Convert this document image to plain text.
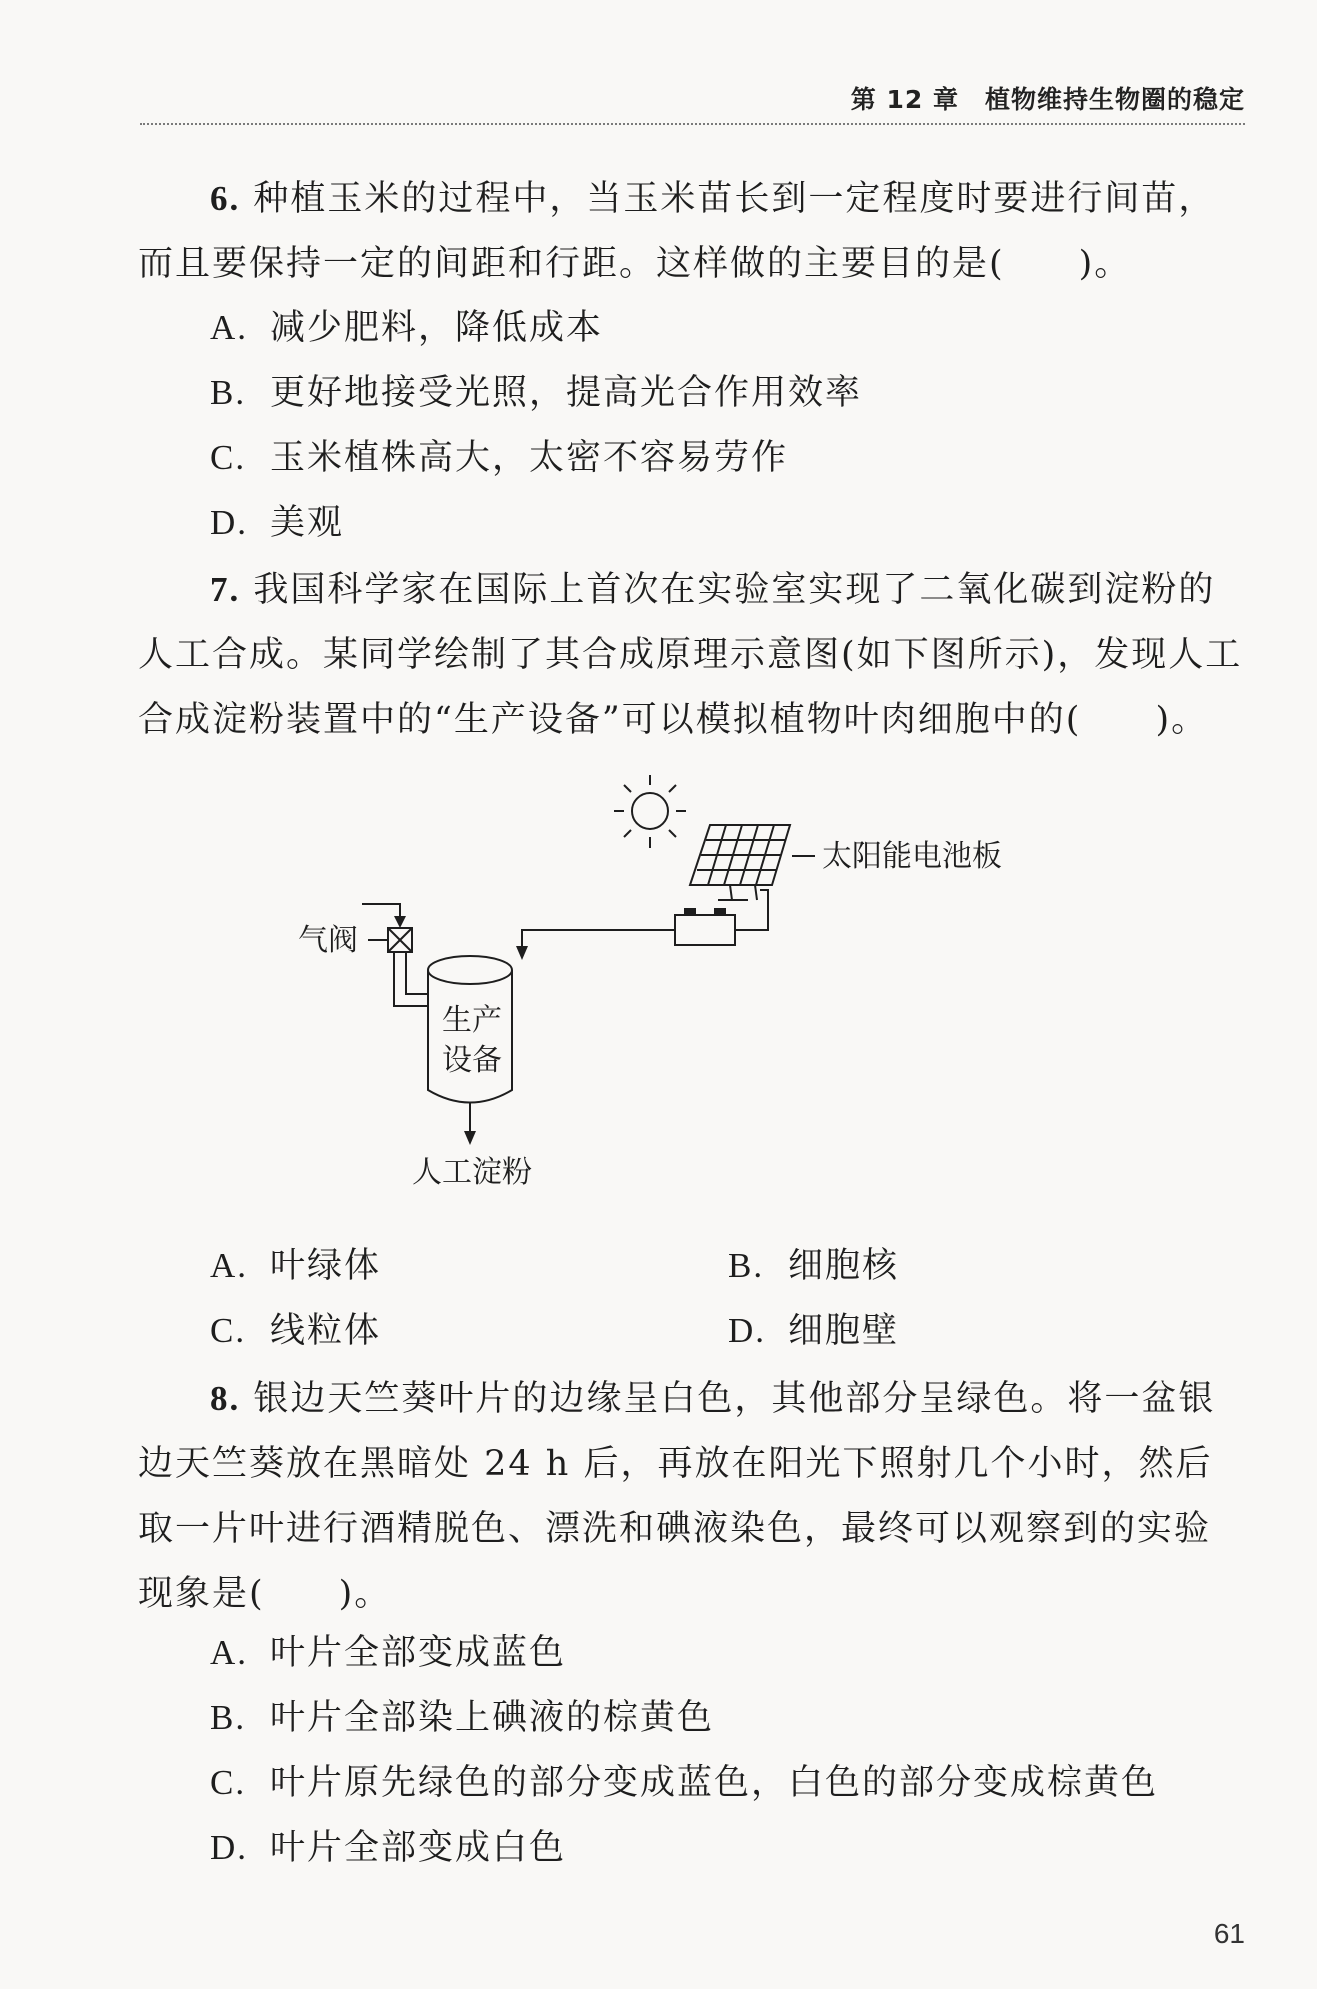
第 12 章　植物维持生物圈的稳定
6. 种植玉米的过程中，当玉米苗长到一定程度时要进行间苗，而且要保持一定的间距和行距。这样做的主要目的是(　　)。
A. 减少肥料，降低成本
B. 更好地接受光照，提高光合作用效率
C. 玉米植株高大，太密不容易劳作
D. 美观
7. 我国科学家在国际上首次在实验室实现了二氧化碳到淀粉的人工合成。某同学绘制了其合成原理示意图(如下图所示)，发现人工合成淀粉装置中的“生产设备”可以模拟植物叶肉细胞中的(　　)。
太阳能电池板
气阀
生产
设备
人工淀粉
A. 叶绿体	B. 细胞核
C. 线粒体	D. 细胞壁
8. 银边天竺葵叶片的边缘呈白色，其他部分呈绿色。将一盆银边天竺葵放在黑暗处 24 h 后，再放在阳光下照射几个小时，然后取一片叶进行酒精脱色、漂洗和碘液染色，最终可以观察到的实验现象是(　　)。
A. 叶片全部变成蓝色
B. 叶片全部染上碘液的棕黄色
C. 叶片原先绿色的部分变成蓝色，白色的部分变成棕黄色
D. 叶片全部变成白色
61
